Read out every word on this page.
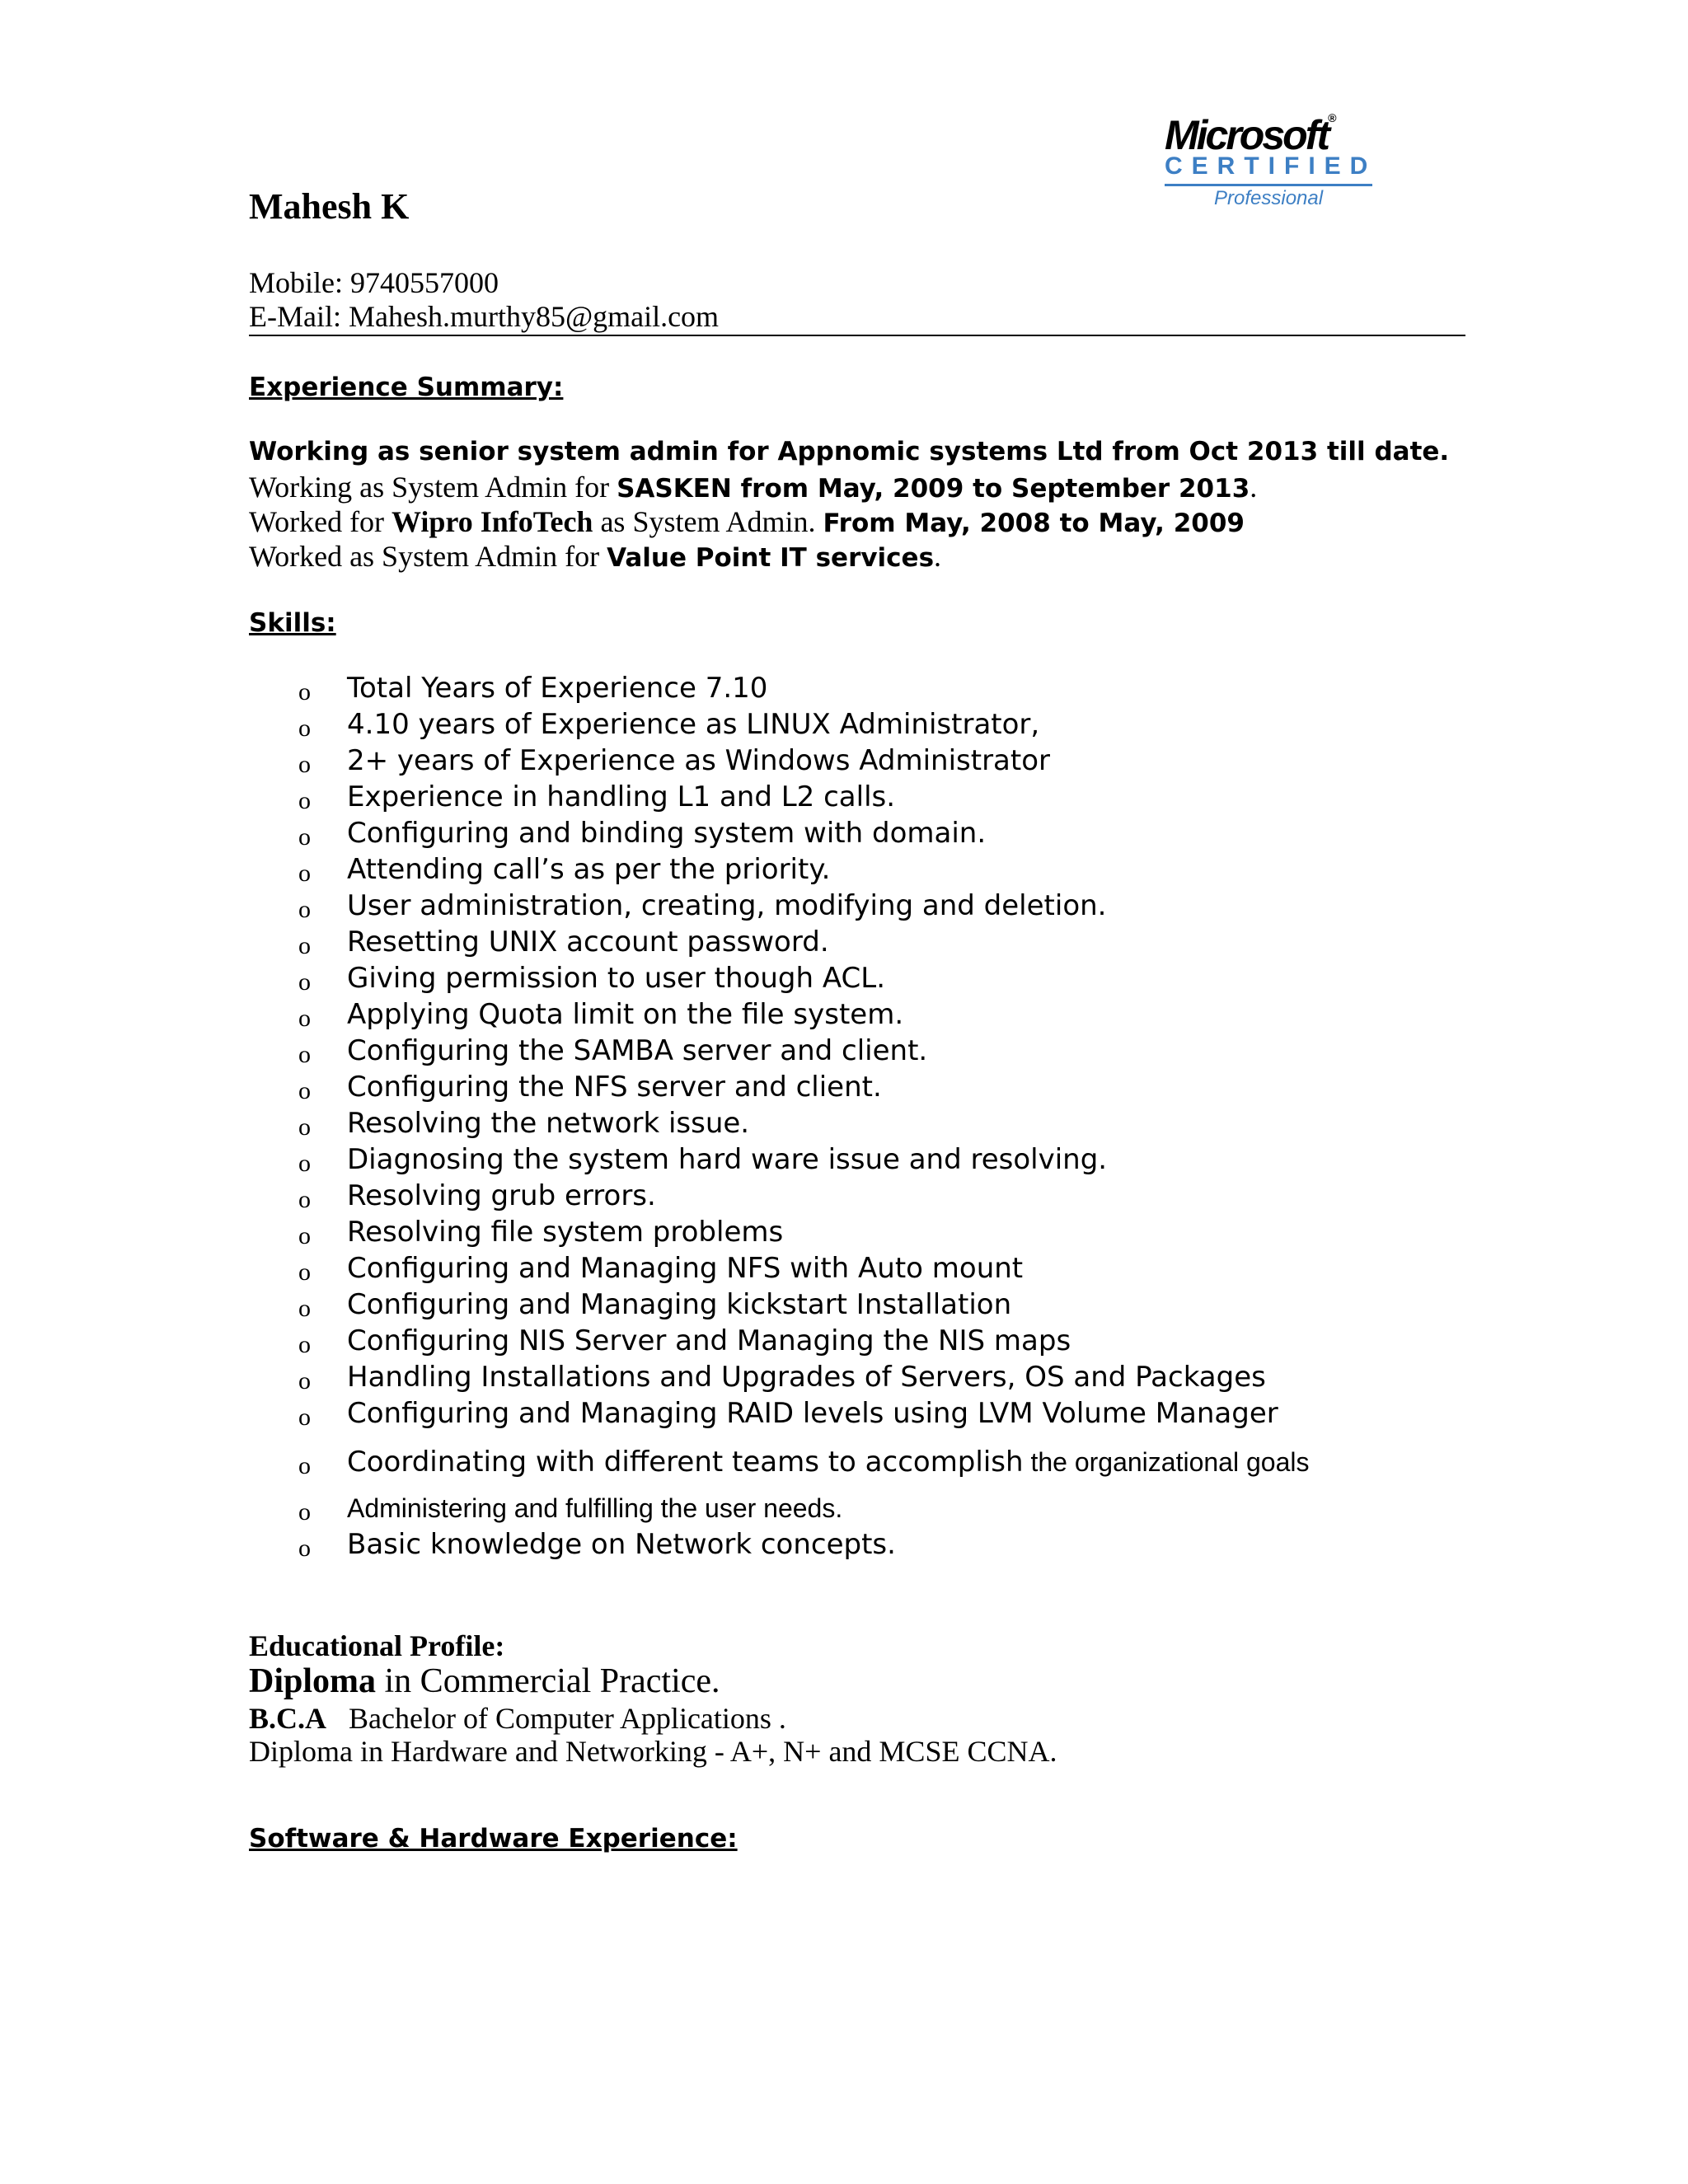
Microsoft®
CERTIFIED
Professional
Mahesh K
Mobile: 9740557000
E-Mail: Mahesh.murthy85@gmail.com
Experience Summary:
Working as senior system admin for Appnomic systems Ltd from Oct 2013 till date.
Working as System Admin for SASKEN from May, 2009 to September 2013.
Worked for Wipro InfoTech as System Admin. From May, 2008 to May, 2009
Worked as System Admin for Value Point IT services.
Skills:
o Total Years of Experience 7.10
o 4.10 years of Experience as LINUX Administrator,
o 2+ years of Experience as Windows Administrator
o Experience in handling L1 and L2 calls.
o Configuring and binding system with domain.
o Attending call’s as per the priority.
o User administration, creating, modifying and deletion.
o Resetting UNIX account password.
o Giving permission to user though ACL.
o Applying Quota limit on the file system.
o Configuring the SAMBA server and client.
o Configuring the NFS server and client.
o Resolving the network issue.
o Diagnosing the system hard ware issue and resolving.
o Resolving grub errors.
o Resolving file system problems
o Configuring and Managing NFS with Auto mount
o Configuring and Managing kickstart Installation
o Configuring NIS Server and Managing the NIS maps
o Handling Installations and Upgrades of Servers, OS and Packages
o Configuring and Managing RAID levels using LVM Volume Manager
o Coordinating with different teams to accomplish the organizational goals
o Administering and fulfilling the user needs.
o Basic knowledge on Network concepts.
Educational Profile:
Diploma in Commercial Practice.
B.C.A   Bachelor of Computer Applications .
Diploma in Hardware and Networking - A+, N+ and MCSE CCNA.
Software & Hardware Experience:
